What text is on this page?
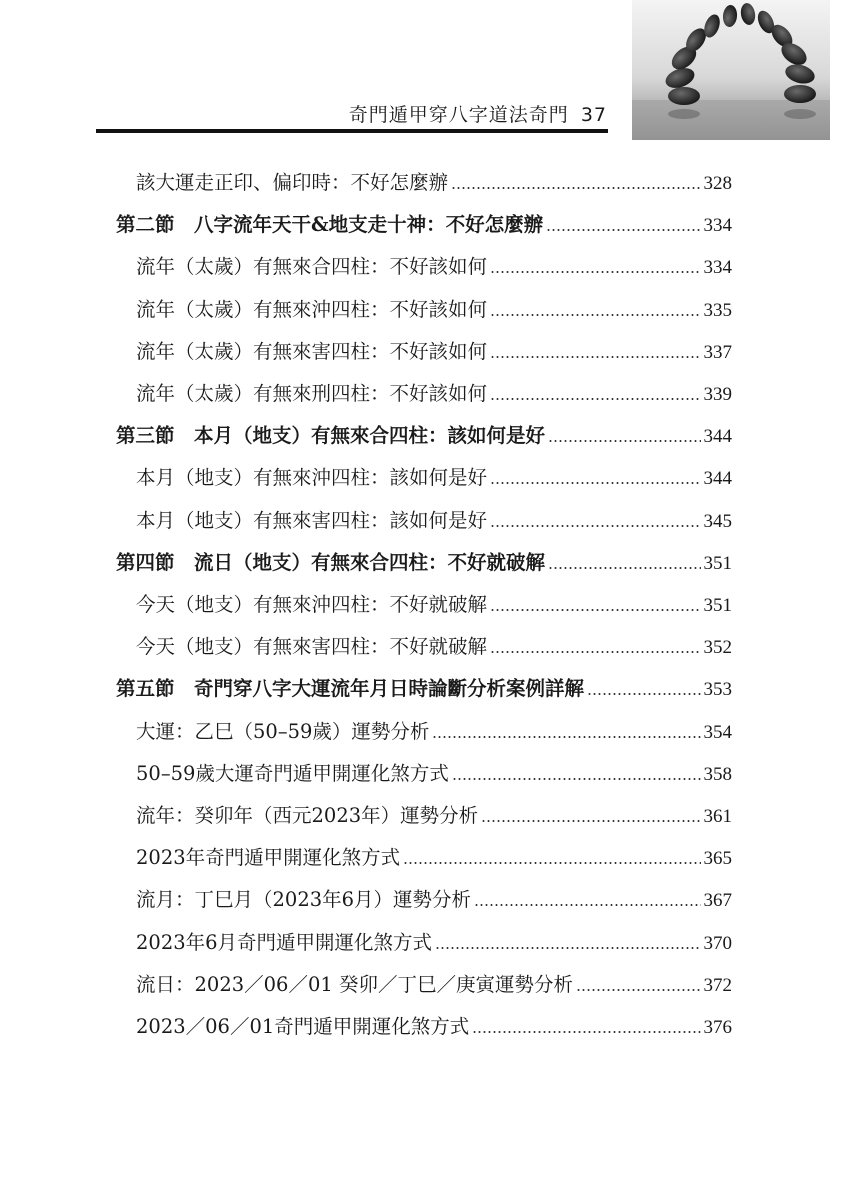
奇門遁甲穿八字道法奇門 37
該大運走正印、偏印時：不好怎麼辦	328
第二節　八字流年天干&地支走十神：不好怎麼辦	334
流年（太歲）有無來合四柱：不好該如何	334
流年（太歲）有無來沖四柱：不好該如何	335
流年（太歲）有無來害四柱：不好該如何	337
流年（太歲）有無來刑四柱：不好該如何	339
第三節　本月（地支）有無來合四柱：該如何是好	344
本月（地支）有無來沖四柱：該如何是好	344
本月（地支）有無來害四柱：該如何是好	345
第四節　流日（地支）有無來合四柱：不好就破解	351
今天（地支）有無來沖四柱：不好就破解	351
今天（地支）有無來害四柱：不好就破解	352
第五節　奇門穿八字大運流年月日時論斷分析案例詳解	353
大運：乙巳（50–59歲）運勢分析	354
50–59歲大運奇門遁甲開運化煞方式	358
流年：癸卯年（西元2023年）運勢分析	361
2023年奇門遁甲開運化煞方式	365
流月：丁巳月（2023年6月）運勢分析	367
2023年6月奇門遁甲開運化煞方式	370
流日：2023／06／01 癸卯／丁巳／庚寅運勢分析	372
2023／06／01奇門遁甲開運化煞方式	376
